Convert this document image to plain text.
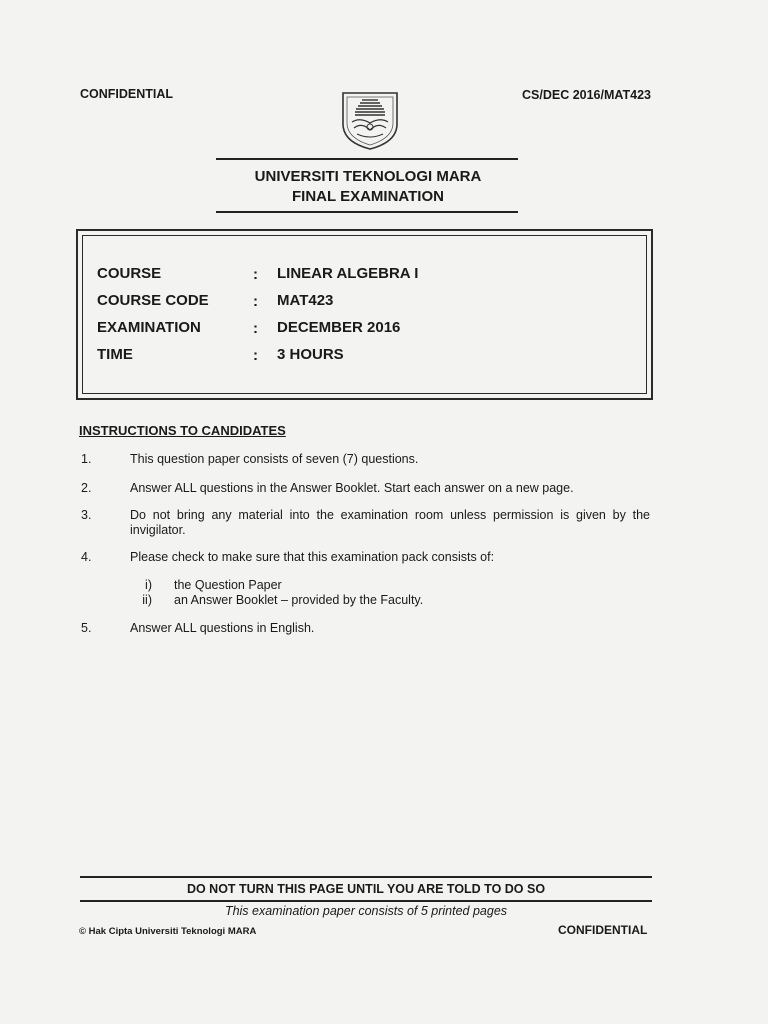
CONFIDENTIAL	CS/DEC 2016/MAT423
UNIVERSITI TEKNOLOGI MARA
FINAL EXAMINATION
COURSE	: LINEAR ALGEBRA I
COURSE CODE	: MAT423
EXAMINATION	: DECEMBER 2016
TIME	: 3 HOURS
INSTRUCTIONS TO CANDIDATES
1.	This question paper consists of seven (7) questions.
2.	Answer ALL questions in the Answer Booklet. Start each answer on a new page.
3.	Do not bring any material into the examination room unless permission is given by the invigilator.
4.	Please check to make sure that this examination pack consists of:
i) the Question Paper
ii) an Answer Booklet – provided by the Faculty.
5.	Answer ALL questions in English.
DO NOT TURN THIS PAGE UNTIL YOU ARE TOLD TO DO SO
This examination paper consists of 5 printed pages
© Hak Cipta Universiti Teknologi MARA	CONFIDENTIAL
